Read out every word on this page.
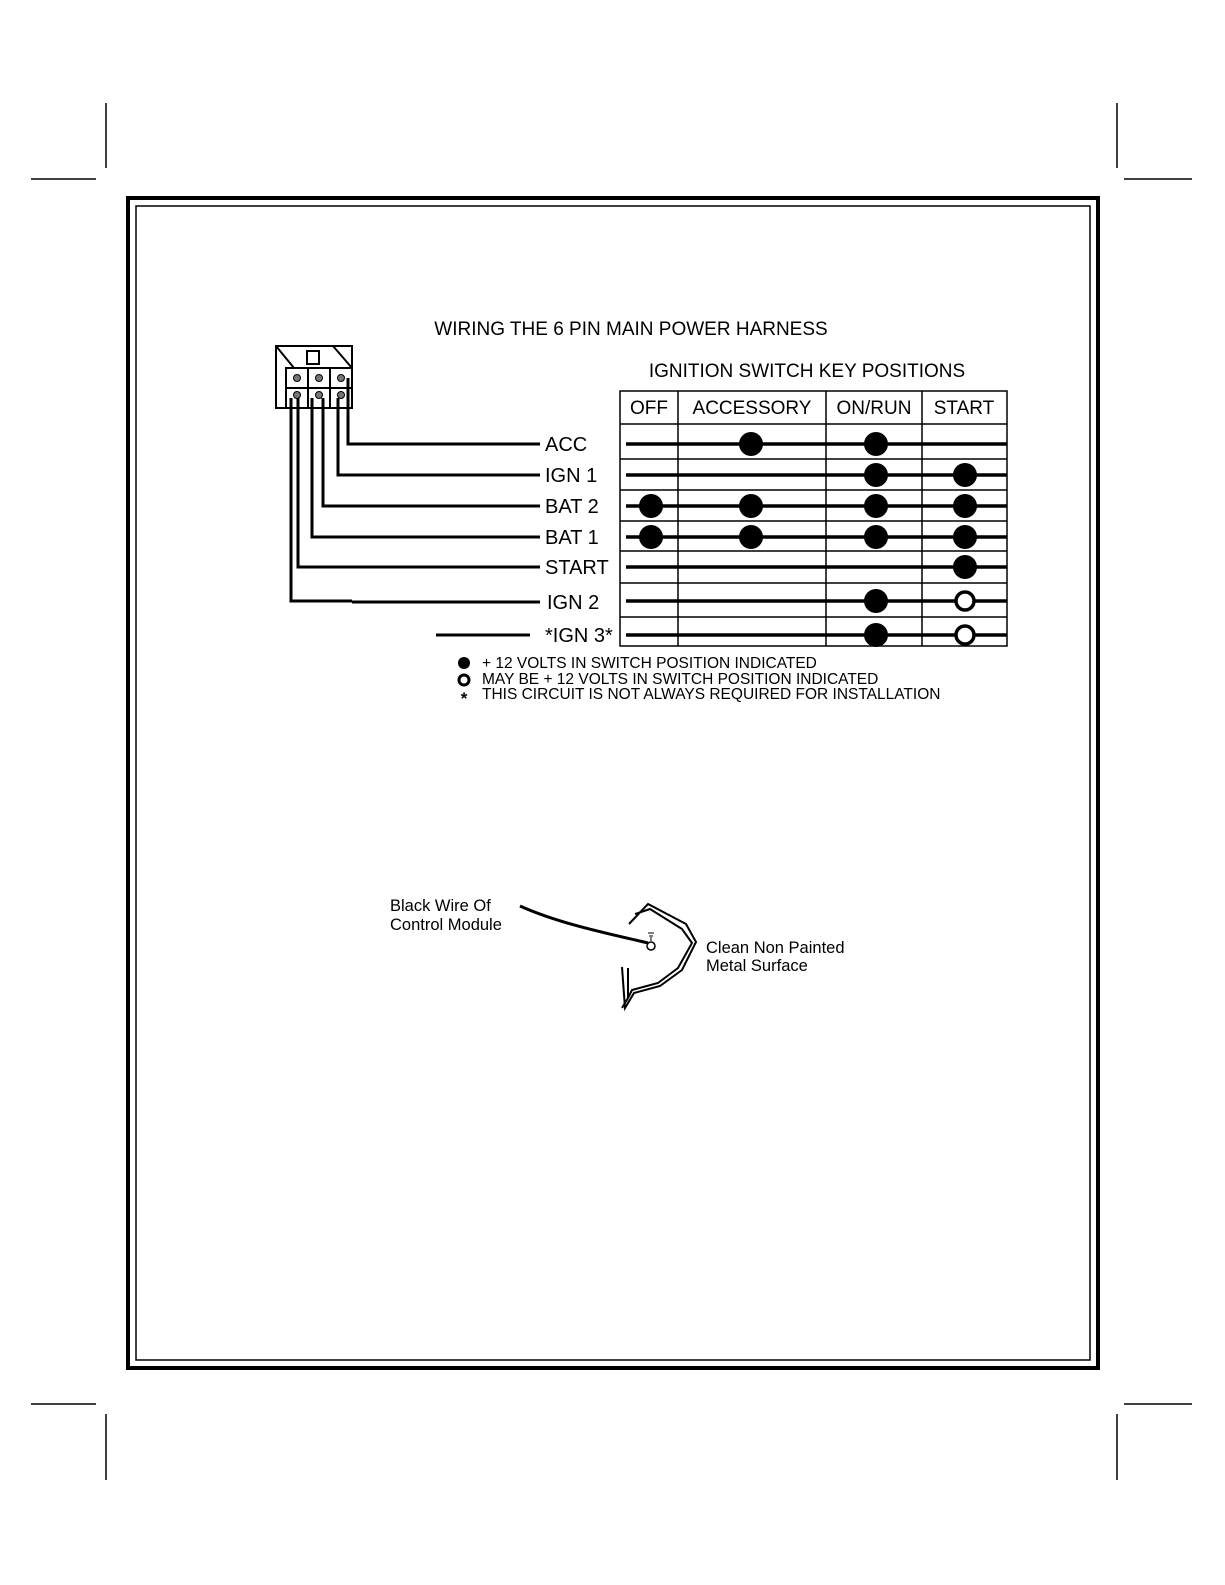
WIRING THE 6 PIN MAIN POWER HARNESS
IGNITION SWITCH KEY POSITIONS
OFF ACCESSORY ON/RUN START
ACC
IGN 1
BAT 2
BAT 1
START
IGN 2
*IGN 3*
*
+ 12 VOLTS IN SWITCH POSITION INDICATED
MAY BE + 12 VOLTS IN SWITCH POSITION INDICATED
THIS CIRCUIT IS NOT ALWAYS REQUIRED FOR INSTALLATION
Black Wire Of
Control Module
Clean Non Painted
Metal Surface
